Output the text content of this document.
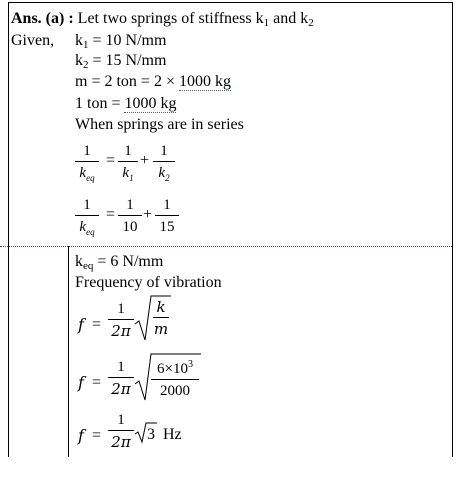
Ans. (a) : Let two springs of stiffness $k_1$ and $k_2$
Given, $k_1 = 10$ N/mm
$k_2 = 15$ N/mm
m = 2 ton = 2 × 1000 kg
1 ton = 1000 kg
When springs are in series
1
$k_{eq}$
=
1
$k_1$
+
1
$k_2$
1
$k_{eq}$
=
1
10
+
1
15
$k_{eq} = 6$ N/mm
Frequency of vibration
f =
1
2π
k
m
f =
1
2π
$6\times 10^3$
2000
f =
1
2π 3 Hz
